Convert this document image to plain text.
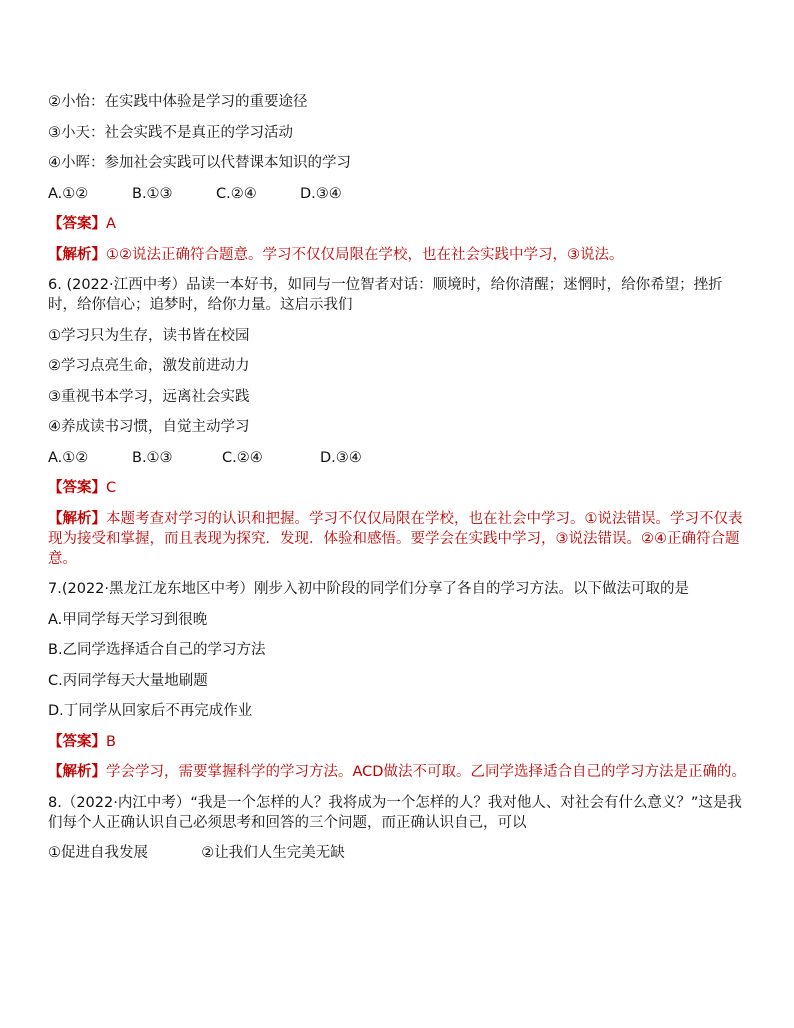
②小怡：在实践中体验是学习的重要途径
③小天：社会实践不是真正的学习活动
④小晖：参加社会实践可以代替课本知识的学习
A.①②	B.①③	C.②④	D.③④
【答案】A
【解析】①②说法正确符合题意。学习不仅仅局限在学校，也在社会实践中学习，③说法。
6. (2022·江西中考）品读一本好书，如同与一位智者对话：顺境时，给你清醒；迷惘时，给你希望；挫折时，给你信心；追梦时，给你力量。这启示我们
①学习只为生存，读书皆在校园
②学习点亮生命，激发前进动力
③重视书本学习，远离社会实践
④养成读书习惯，自觉主动学习
A.①②	B.①③	C.②④	D.③④
【答案】C
【解析】本题考查对学习的认识和把握。学习不仅仅局限在学校，也在社会中学习。①说法错误。学习不仅表现为接受和掌握，而且表现为探究．发现．体验和感悟。要学会在实践中学习，③说法错误。②④正确符合题意。
7.(2022·黑龙江龙东地区中考）刚步入初中阶段的同学们分享了各自的学习方法。以下做法可取的是
A.甲同学每天学习到很晚
B.乙同学选择适合自己的学习方法
C.丙同学每天大量地刷题
D.丁同学从回家后不再完成作业
【答案】B
【解析】学会学习，需要掌握科学的学习方法。ACD做法不可取。乙同学选择适合自己的学习方法是正确的。
8.（2022·内江中考）“我是一个怎样的人？我将成为一个怎样的人？我对他人、对社会有什么意义？”这是我们每个人正确认识自己必须思考和回答的三个问题，而正确认识自己，可以
①促进自我发展	②让我们人生完美无缺
